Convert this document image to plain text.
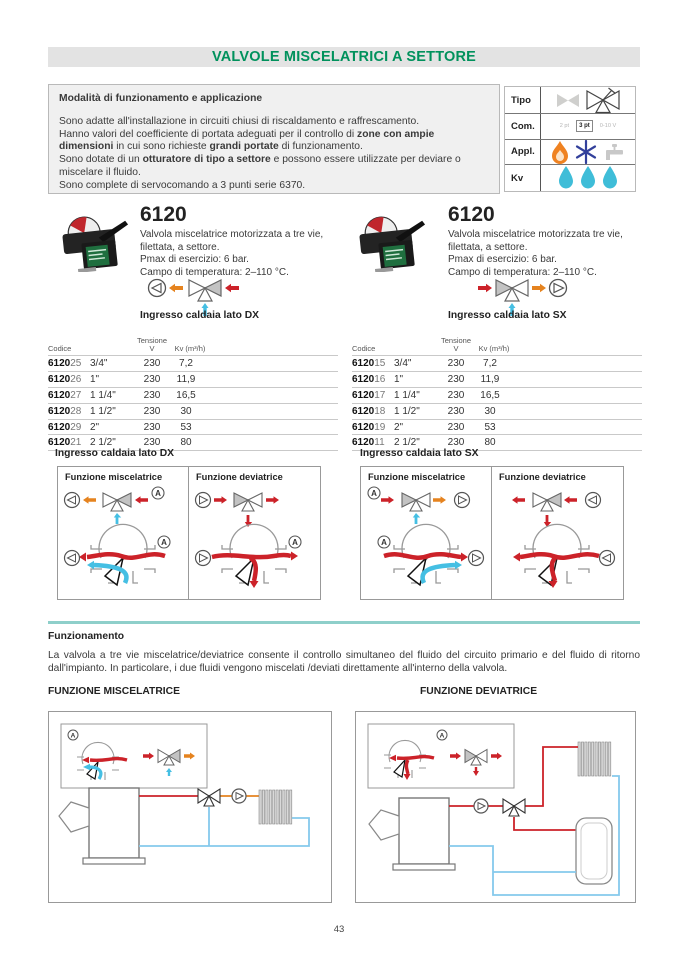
VALVOLE MISCELATRICI A SETTORE
Modalità di funzionamento e applicazione
Sono adatte all'installazione in circuiti chiusi di riscaldamento e raffrescamento.
Hanno valori del coefficiente di portata adeguati per il controllo di zone con ampie dimensioni in cui sono richieste grandi portate di funzionamento.
Sono dotate di un otturatore di tipo a settore e possono essere utilizzate per deviare o miscelare il fluido.
Sono complete di servocomando a 3 punti serie 6370.
Tipo
Com.	2 pt	3 pt	0-10 V
Appl.
Kv
6120
Valvola miscelatrice motorizzata a tre vie,
filettata, a settore.
Pmax di esercizio: 6 bar.
Campo di temperatura: 2–110 °C.
Ingresso caldaia lato DX
6120
Valvola miscelatrice motorizzata tre vie,
filettata, a settore.
Pmax di esercizio: 6 bar.
Campo di temperatura: 2–110 °C.
Ingresso caldaia lato SX
Codice
Tensione
V	Kv (m³/h)
612025 3/4"	230	7,2
612026 1"	230	11,9
612027 1 1/4"	230	16,5
612028 1 1/2"	230	30
612029 2"	230	53
612021 2 1/2"	230	80
Codice
Tensione
V	Kv (m³/h)
612015 3/4"	230	7,2
612016 1"	230	11,9
612017 1 1/4"	230	16,5
612018 1 1/2"	230	30
612019 2"	230	53
612011 2 1/2"	230	80
Ingresso caldaia lato DX
Funzione miscelatrice
A
A
Funzione deviatrice
A
Ingresso caldaia lato SX
Funzione miscelatrice
A
A
Funzione deviatrice
Funzionamento
La valvola a tre vie miscelatrice/deviatrice consente il controllo simultaneo del fluido del circuito primario e del fluido di ritorno dall'impianto. In particolare, i due fluidi vengono miscelati /deviati direttamente all'interno della valvola.
FUNZIONE MISCELATRICE	FUNZIONE DEVIATRICE
A	A
43
